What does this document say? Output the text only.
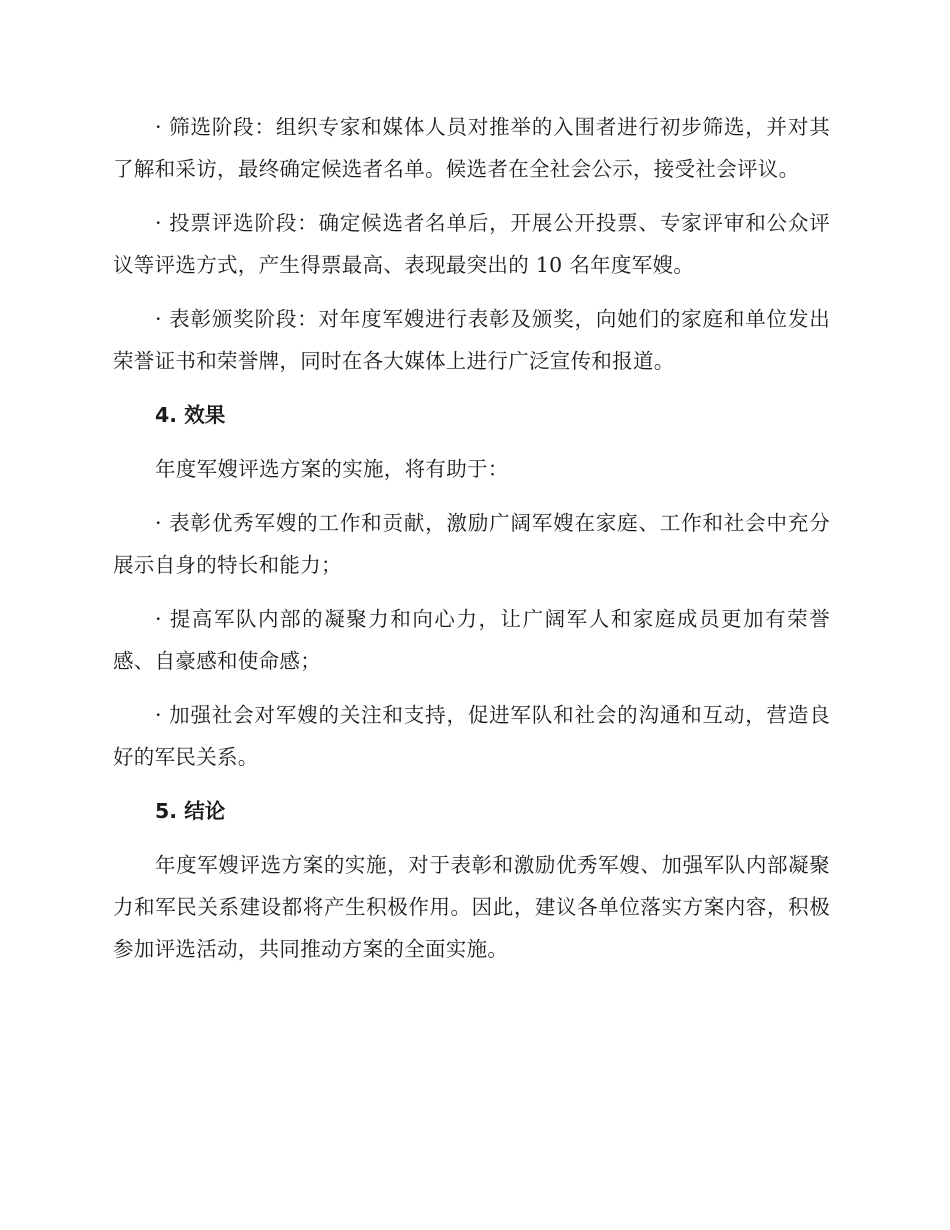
· 筛选阶段：组织专家和媒体人员对推举的入围者进行初步筛选，并对其了解和采访，最终确定候选者名单。候选者在全社会公示，接受社会评议。

· 投票评选阶段：确定候选者名单后，开展公开投票、专家评审和公众评议等评选方式，产生得票最高、表现最突出的 10 名年度军嫂。

· 表彰颁奖阶段：对年度军嫂进行表彰及颁奖，向她们的家庭和单位发出荣誉证书和荣誉牌，同时在各大媒体上进行广泛宣传和报道。

4. 效果

年度军嫂评选方案的实施，将有助于：

· 表彰优秀军嫂的工作和贡献，激励广阔军嫂在家庭、工作和社会中充分展示自身的特长和能力；

· 提高军队内部的凝聚力和向心力，让广阔军人和家庭成员更加有荣誉感、自豪感和使命感；

· 加强社会对军嫂的关注和支持，促进军队和社会的沟通和互动，营造良好的军民关系。

5. 结论

年度军嫂评选方案的实施，对于表彰和激励优秀军嫂、加强军队内部凝聚力和军民关系建设都将产生积极作用。因此，建议各单位落实方案内容，积极参加评选活动，共同推动方案的全面实施。
